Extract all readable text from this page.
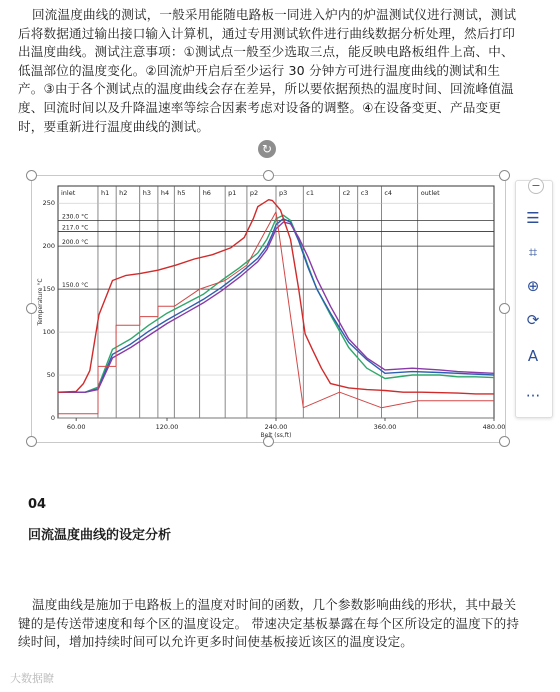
回流温度曲线的测试，一般采用能随电路板一同进入炉内的炉温测试仪进行测试，测试后将数据通过输出接口输入计算机，通过专用测试软件进行曲线数据分析处理，然后打印出温度曲线。测试注意事项：①测试点一般至少选取三点，能反映电路板组件上高、中、低温部位的温度变化。②回流炉开启后至少运行 30 分钟方可进行温度曲线的测试和生产。③由于各个测试点的温度曲线会存在差异，所以要依据预热的温度时间、回流峰值温度、回流时间以及升降温速率等综合因素考虑对设备的调整。④在设备变更、产品变更时，要重新进行温度曲线的测试。
↻
inlet	h1 h2 h3 h4 h5	h6	p1 p2	p3	c1	c2 c3 c4	outlet
0
50
100
150
200
250
230.0 °C
217.0 °C
200.0 °C
150.0 °C
60.00	120.00	240.00	360.00	480.00
Belt (ss,ft)
Temperature °C
−
☰
⌗
⊕
⟳
A
···
04
回流温度曲线的设定分析
温度曲线是施加于电路板上的温度对时间的函数，几个参数影响曲线的形状，其中最关键的是传送带速度和每个区的温度设定。 带速决定基板暴露在每个区所设定的温度下的持续时间，增加持续时间可以允许更多时间使基板接近该区的温度设定。
大数据瞭
